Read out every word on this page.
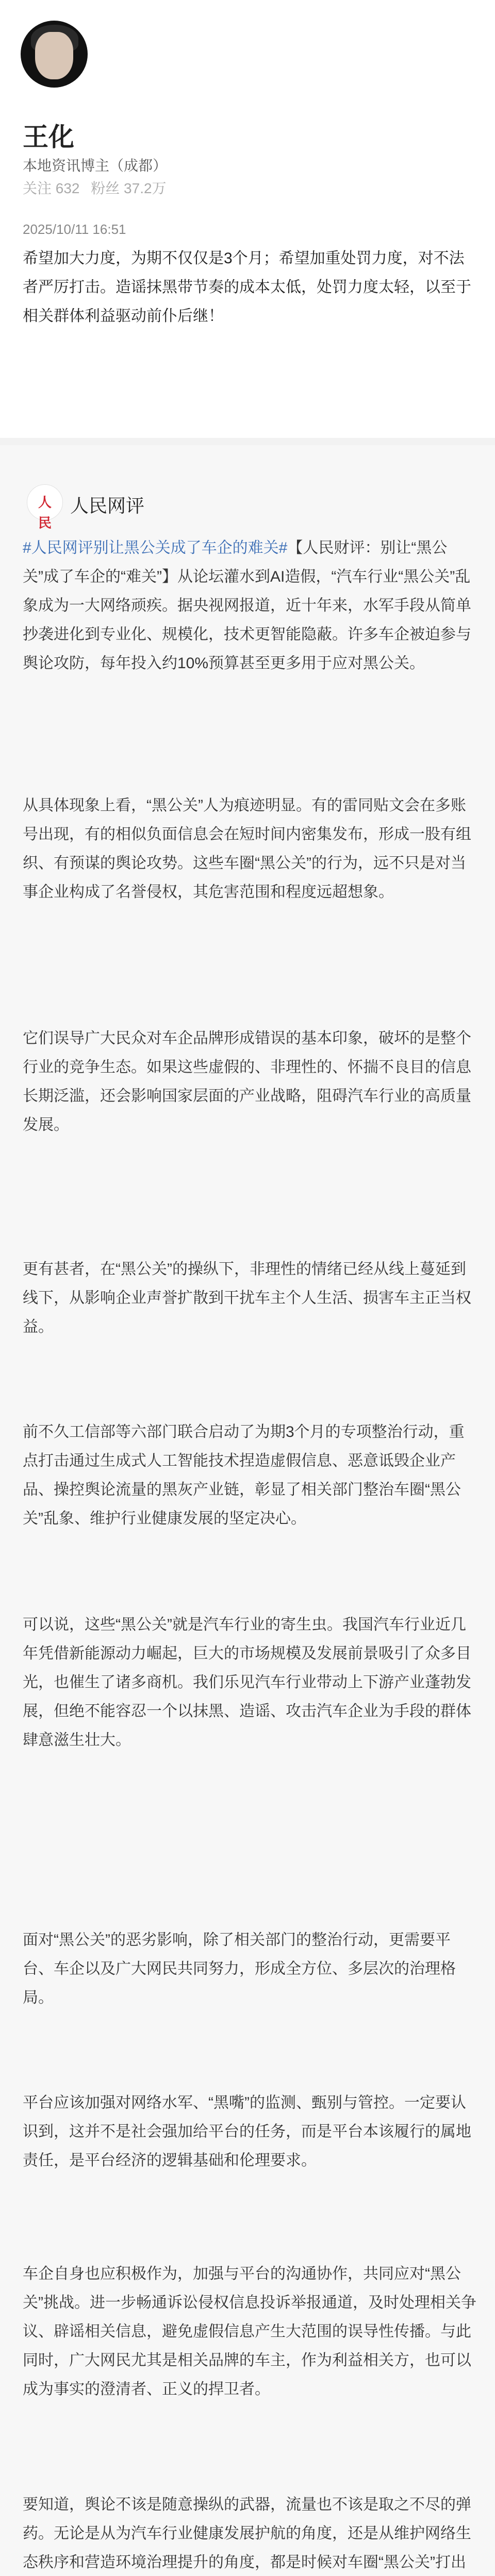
王化
本地资讯博主（成都）
关注 632 粉丝 37.2万
2025/10/11 16:51
希望加大力度，为期不仅仅是3个月；希望加重处罚力度，对不法者严厉打击。造谣抹黑带节奏的成本太低，处罚力度太轻，以至于相关群体利益驱动前仆后继！
人民
人民网评

#人民网评别让黑公关成了车企的难关#【人民财评：别让“黑公关”成了车企的“难关”】从论坛灌水到AI造假，“汽车行业“黑公关”乱象成为一大网络顽疾。据央视网报道，近十年来，水军手段从简单抄袭进化到专业化、规模化，技术更智能隐蔽。许多车企被迫参与舆论攻防，每年投入约10%预算甚至更多用于应对黑公关。

从具体现象上看，“黑公关”人为痕迹明显。有的雷同贴文会在多账号出现，有的相似负面信息会在短时间内密集发布，形成一股有组织、有预谋的舆论攻势。这些车圈“黑公关”的行为，远不只是对当事企业构成了名誉侵权，其危害范围和程度远超想象。

它们误导广大民众对车企品牌形成错误的基本印象，破坏的是整个行业的竞争生态。如果这些虚假的、非理性的、怀揣不良目的信息长期泛滥，还会影响国家层面的产业战略，阻碍汽车行业的高质量发展。

更有甚者，在“黑公关”的操纵下，非理性的情绪已经从线上蔓延到线下，从影响企业声誉扩散到干扰车主个人生活、损害车主正当权益。

前不久工信部等六部门联合启动了为期3个月的专项整治行动，重点打击通过生成式人工智能技术捏造虚假信息、恶意诋毁企业产品、操控舆论流量的黑灰产业链，彰显了相关部门整治车圈“黑公关”乱象、维护行业健康发展的坚定决心。

可以说，这些“黑公关”就是汽车行业的寄生虫。我国汽车行业近几年凭借新能源动力崛起，巨大的市场规模及发展前景吸引了众多目光，也催生了诸多商机。我们乐见汽车行业带动上下游产业蓬勃发展，但绝不能容忍一个以抹黑、造谣、攻击汽车企业为手段的群体肆意滋生壮大。

面对“黑公关”的恶劣影响，除了相关部门的整治行动，更需要平台、车企以及广大网民共同努力，形成全方位、多层次的治理格局。

平台应该加强对网络水军、“黑嘴”的监测、甄别与管控。一定要认识到，这并不是社会强加给平台的任务，而是平台本该履行的属地责任，是平台经济的逻辑基础和伦理要求。

车企自身也应积极作为，加强与平台的沟通协作，共同应对“黑公关”挑战。进一步畅通诉讼侵权信息投诉举报通道，及时处理相关争议、辟谣相关信息，避免虚假信息产生大范围的误导性传播。与此同时，广大网民尤其是相关品牌的车主，作为利益相关方，也可以成为事实的澄清者、正义的捍卫者。

要知道，舆论不该是随意操纵的武器，流量也不该是取之不尽的弹药。无论是从为汽车行业健康发展护航的角度，还是从维护网络生态秩序和营造环境治理提升的角度，都是时候对车圈“黑公关”打出
